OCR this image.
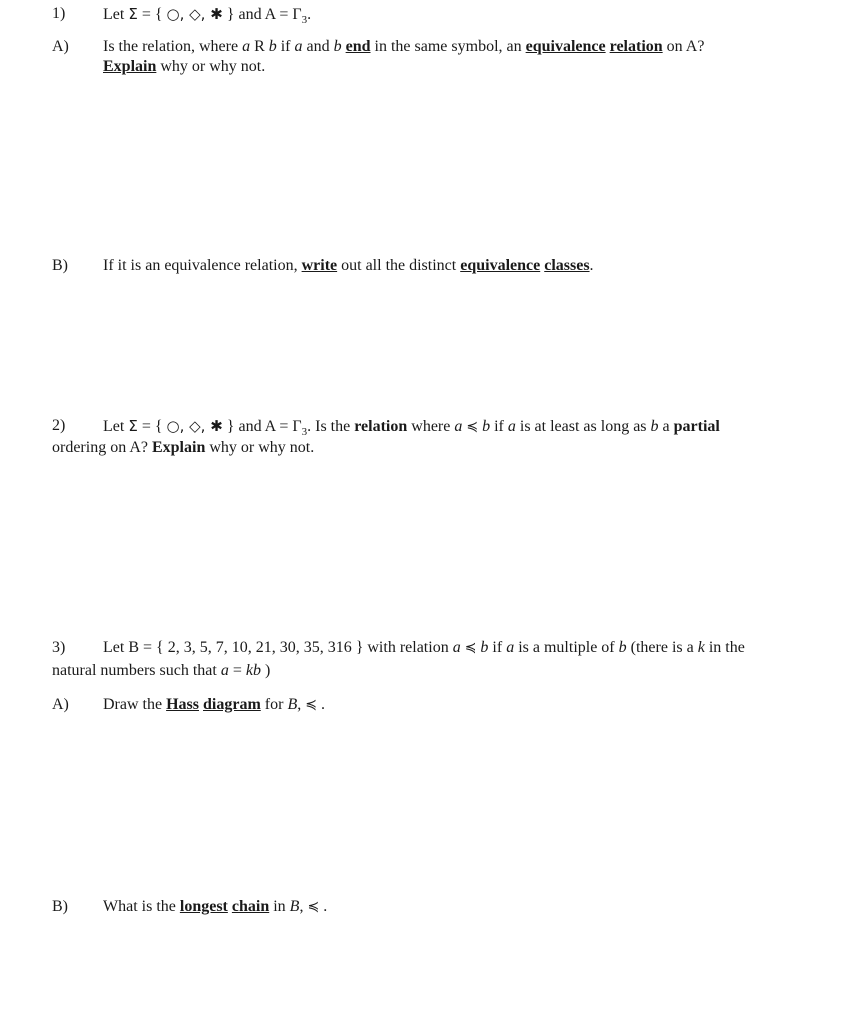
1) Let Σ = { ○, ◇, ✱ } and $A = \Gamma_3$.
A) Is the relation, where a R b if a and b end in the same symbol, an equivalence relation on A?
Explain why or why not.
B) If it is an equivalence relation, write out all the distinct equivalence classes.
2) Let Σ = { ○, ◇, ✱ } and $A = \Gamma_3$. Is the relation where a ≼ b if a is at least as long as b a partial
ordering on A? Explain why or why not.
3) Let B = { 2, 3, 5, 7, 10, 21, 30, 35, 316 } with relation a ≼ b if a is a multiple of b (there is a k in the
natural numbers such that a = kb )
A) Draw the Hass diagram for B, ≼ .
B) What is the longest chain in B, ≼ .
